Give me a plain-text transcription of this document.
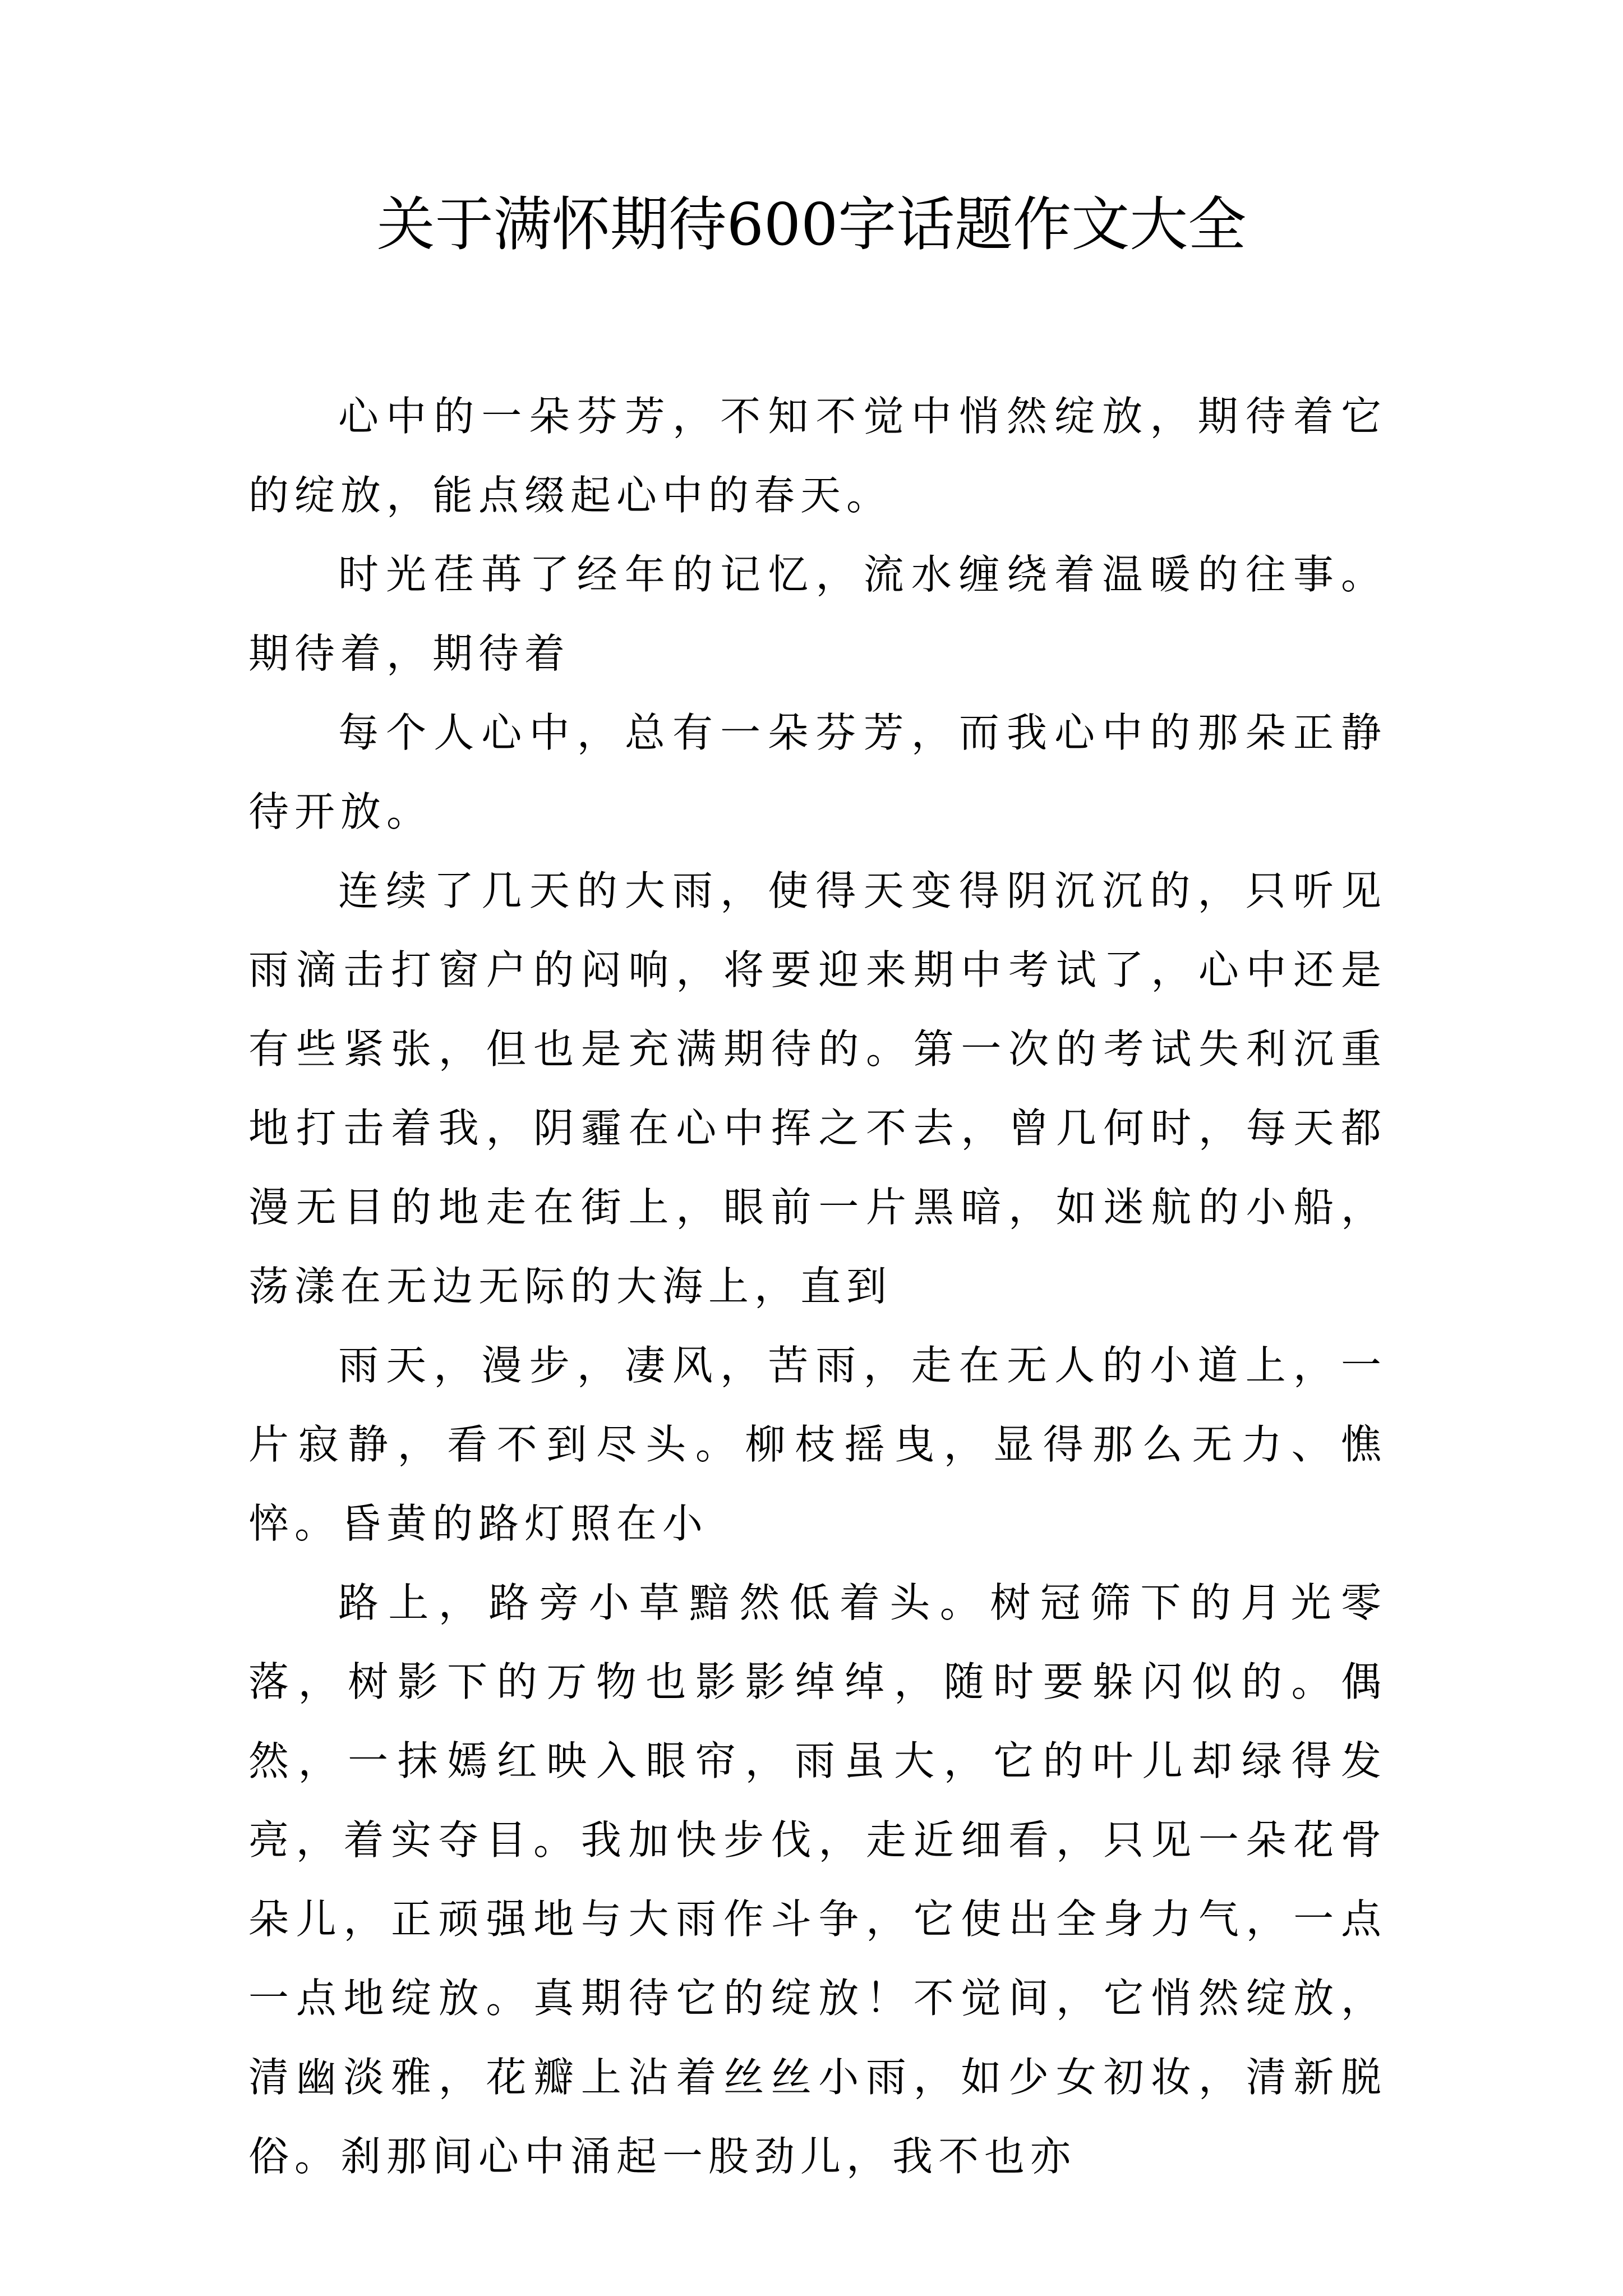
关于满怀期待600字话题作文大全

心中的一朵芬芳，不知不觉中悄然绽放，期待着它的绽放，能点缀起心中的春天。

时光荏苒了经年的记忆，流水缠绕着温暖的往事。期待着，期待着

每个人心中，总有一朵芬芳，而我心中的那朵正静待开放。

连续了几天的大雨，使得天变得阴沉沉的，只听见雨滴击打窗户的闷响，将要迎来期中考试了，心中还是有些紧张，但也是充满期待的。第一次的考试失利沉重地打击着我，阴霾在心中挥之不去，曾几何时，每天都漫无目的地走在街上，眼前一片黑暗，如迷航的小船，荡漾在无边无际的大海上，直到

雨天，漫步，凄风，苦雨，走在无人的小道上，一片寂静，看不到尽头。柳枝摇曳，显得那么无力、憔悴。昏黄的路灯照在小

路上，路旁小草黯然低着头。树冠筛下的月光零落，树影下的万物也影影绰绰，随时要躲闪似的。偶然，一抹嫣红映入眼帘，雨虽大，它的叶儿却绿得发亮，着实夺目。我加快步伐，走近细看，只见一朵花骨朵儿，正顽强地与大雨作斗争，它使出全身力气，一点一点地绽放。真期待它的绽放！不觉间，它悄然绽放，清幽淡雅，花瓣上沾着丝丝小雨，如少女初妆，清新脱俗。刹那间心中涌起一股劲儿，我不也亦
